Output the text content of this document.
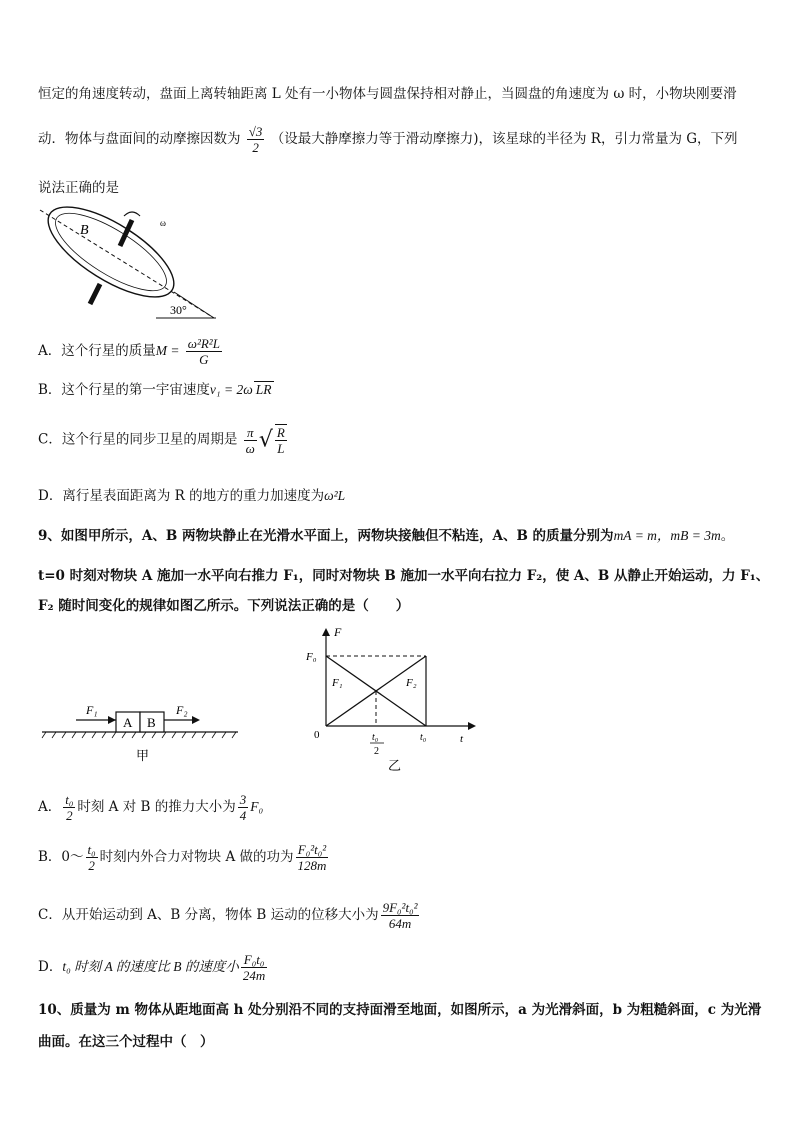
恒定的角速度转动，盘面上离转轴距离 L 处有一小物体与圆盘保持相对静止，当圆盘的角速度为 ω 时，小物块刚要滑
动．物体与盘面间的动摩擦因数为 $\frac{√3}{2}$ （设最大静摩擦力等于滑动摩擦力)，该星球的半径为 R，引力常量为 G，下列
说法正确的是
B	ω
30°
A．这个行星的质量$M = \frac{\text{ω²R²L}}{G}$
B．这个行星的第一宇宙速度v₁ = 2ω LR
C．这个行星的同步卫星的周期是 $\frac{\pi}{\omega}$ √ $\frac{R}{L}$
D．离行星表面距离为 R 的地方的重力加速度为ω²L
9、如图甲所示，A、B 两物块静止在光滑水平面上，两物块接触但不粘连，A、B 的质量分别为mA = m，mB = 3m。
t=0 时刻对物块 A 施加一水平向右推力 F₁，同时对物块 B 施加一水平向右拉力 F₂，使 A、B 从静止开始运动，力 F₁、
F₂ 随时间变化的规律如图乙所示。下列说法正确的是（　　）
A B
F₁	F₂
甲
F
F₀
F₁	F₂
0	t₀
2
t₀	t
乙
A． $\frac{\text{t₀}}{2}$ 时刻 A 对 B 的推力大小为 $\frac{3}{4} F_0$
B．0～ $\frac{\text{t₀}}{2}$ 时刻内外合力对物块 A 做的功为 $\frac{\text{F₀²t₀²}}{128m}$
C．从开始运动到 A、B 分离，物体 B 运动的位移大小为 $\frac{\text{9F₀²t₀²}}{64m}$
D．t₀ 时刻 A 的速度比 B 的速度小 $\frac{\text{F₀t₀}}{24m}$
10、质量为 m 物体从距地面高 h 处分别沿不同的支持面滑至地面，如图所示，a 为光滑斜面，b 为粗糙斜面，c 为光滑
曲面。在这三个过程中（　）
